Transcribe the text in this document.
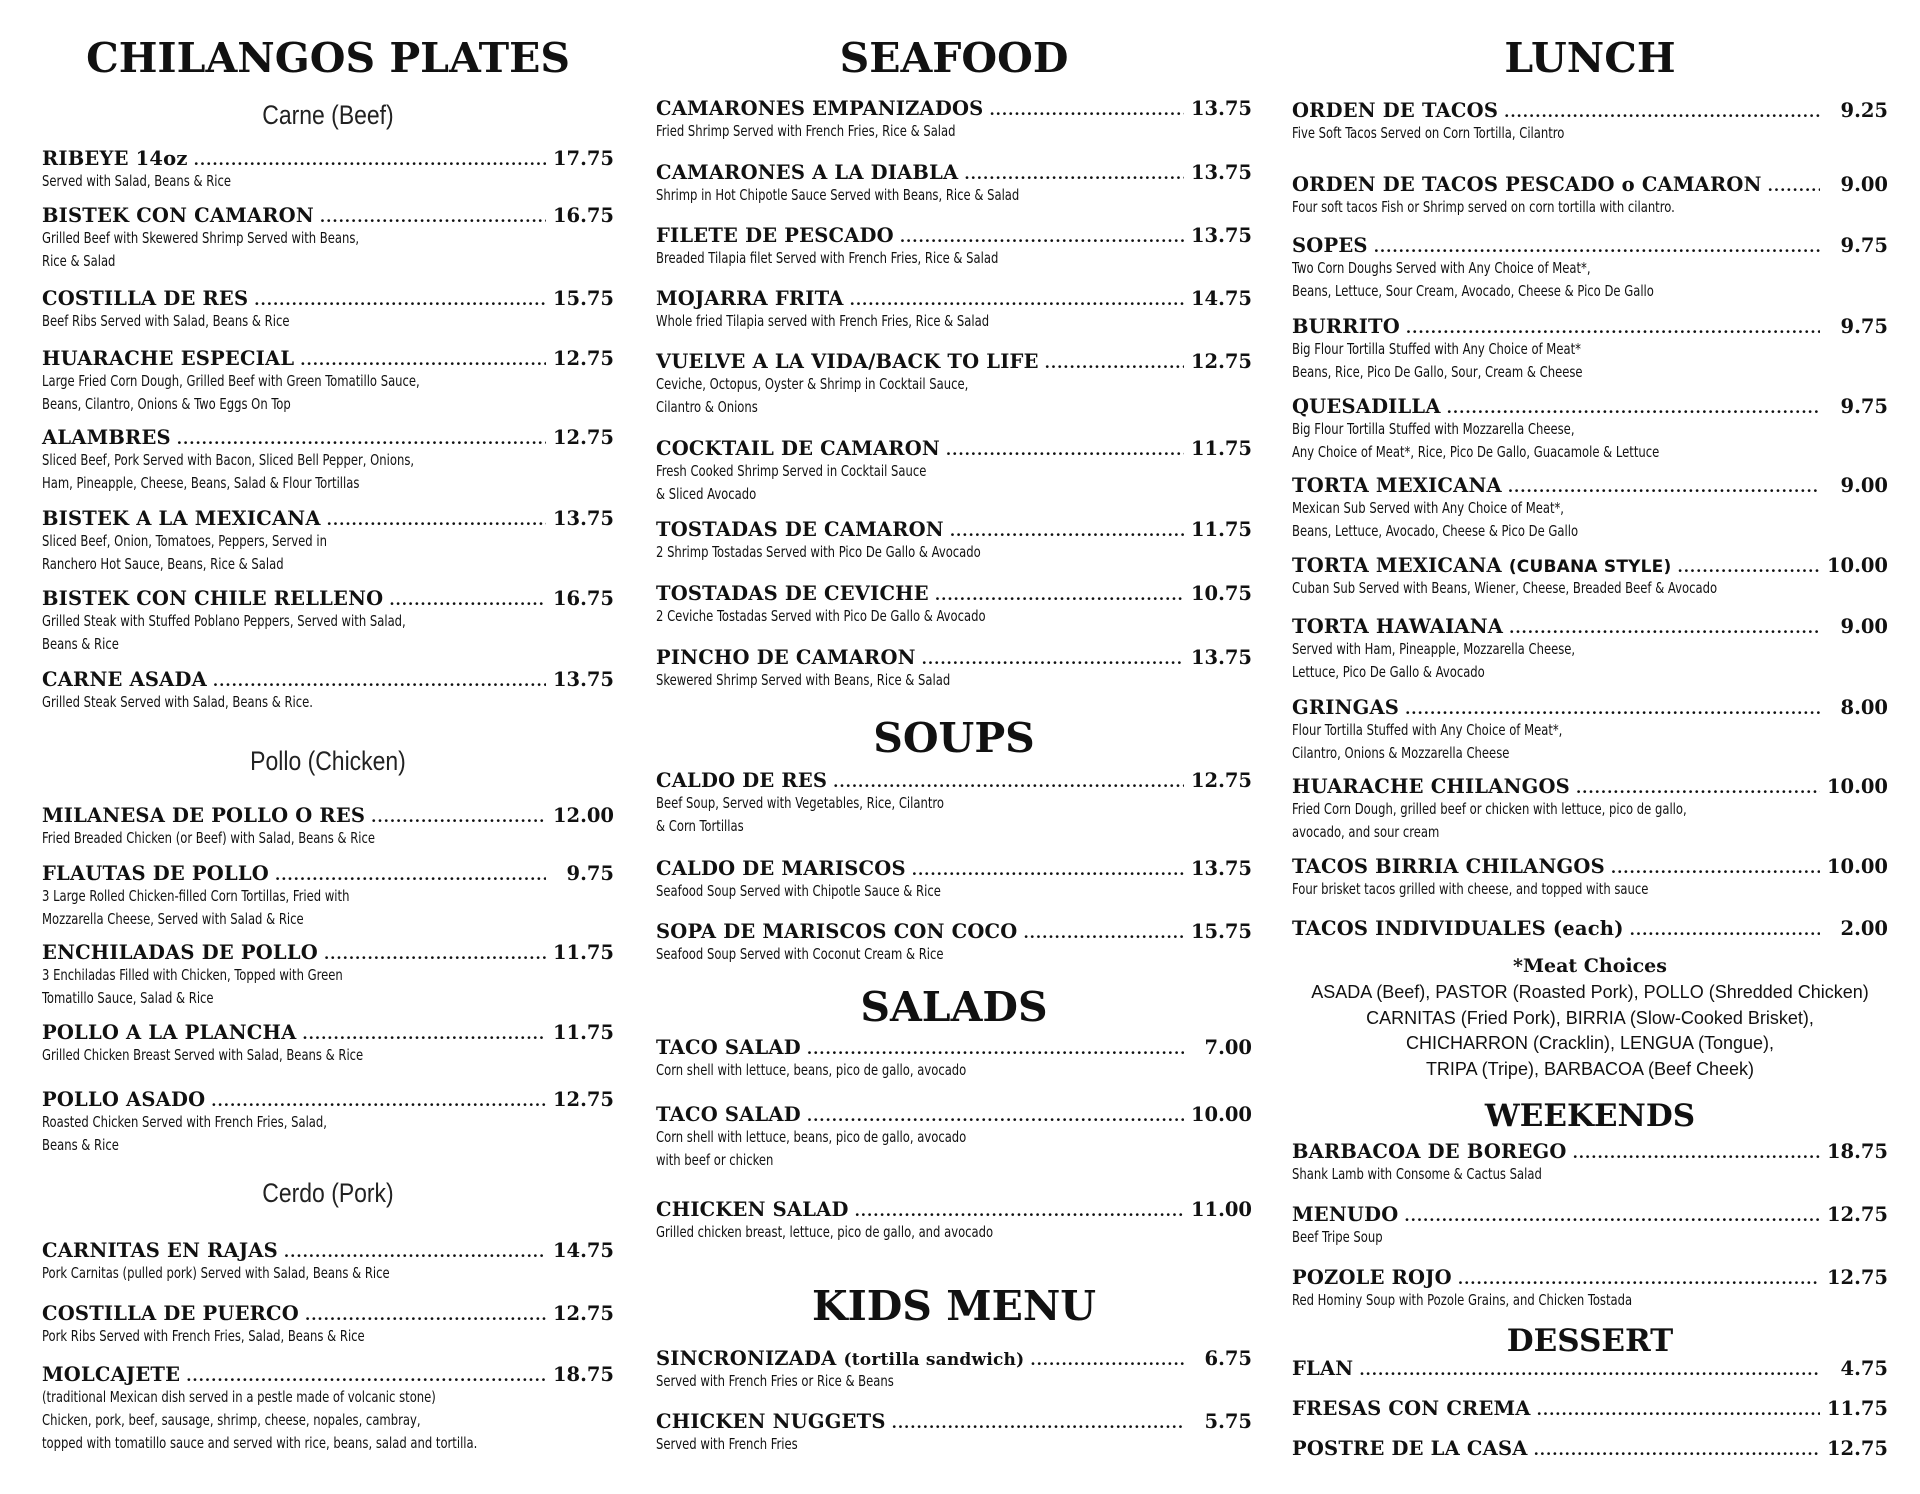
CHILANGOS PLATES
Carne (Beef)
Pollo (Chicken)
Cerdo (Pork)
RIBEYE 14oz .....	17.75
Served with Salad, Beans & Rice
BISTEK CON CAMARON .....	16.75
Grilled Beef with Skewered Shrimp Served with Beans,
Rice & Salad
COSTILLA DE RES .....	15.75
Beef Ribs Served with Salad, Beans & Rice
HUARACHE ESPECIAL .....	12.75
Large Fried Corn Dough, Grilled Beef with Green Tomatillo Sauce,
Beans, Cilantro, Onions & Two Eggs On Top
ALAMBRES .....	12.75
Sliced Beef, Pork Served with Bacon, Sliced Bell Pepper, Onions,
Ham, Pineapple, Cheese, Beans, Salad & Flour Tortillas
BISTEK A LA MEXICANA .....	13.75
Sliced Beef, Onion, Tomatoes, Peppers, Served in
Ranchero Hot Sauce, Beans, Rice & Salad
BISTEK CON CHILE RELLENO .....	16.75
Grilled Steak with Stuffed Poblano Peppers, Served with Salad,
Beans & Rice
CARNE ASADA .....	13.75
Grilled Steak Served with Salad, Beans & Rice.
MILANESA DE POLLO O RES .....	12.00
Fried Breaded Chicken (or Beef) with Salad, Beans & Rice
FLAUTAS DE POLLO .....	9.75
3 Large Rolled Chicken-filled Corn Tortillas, Fried with
Mozzarella Cheese, Served with Salad & Rice
ENCHILADAS DE POLLO .....	11.75
3 Enchiladas Filled with Chicken, Topped with Green
Tomatillo Sauce, Salad & Rice
POLLO A LA PLANCHA .....	11.75
Grilled Chicken Breast Served with Salad, Beans & Rice
POLLO ASADO .....	12.75
Roasted Chicken Served with French Fries, Salad,
Beans & Rice
CARNITAS EN RAJAS .....	14.75
Pork Carnitas (pulled pork) Served with Salad, Beans & Rice
COSTILLA DE PUERCO .....	12.75
Pork Ribs Served with French Fries, Salad, Beans & Rice
MOLCAJETE .....	18.75
(traditional Mexican dish served in a pestle made of volcanic stone)
Chicken, pork, beef, sausage, shrimp, cheese, nopales, cambray,
topped with tomatillo sauce and served with rice, beans, salad and tortilla.
SEAFOOD
CAMARONES EMPANIZADOS .....	13.75
Fried Shrimp Served with French Fries, Rice & Salad
CAMARONES A LA DIABLA .....	13.75
Shrimp in Hot Chipotle Sauce Served with Beans, Rice & Salad
FILETE DE PESCADO .....	13.75
Breaded Tilapia filet Served with French Fries, Rice & Salad
MOJARRA FRITA .....	14.75
Whole fried Tilapia served with French Fries, Rice & Salad
VUELVE A LA VIDA/BACK TO LIFE .....	12.75
Ceviche, Octopus, Oyster & Shrimp in Cocktail Sauce,
Cilantro & Onions
COCKTAIL DE CAMARON .....	11.75
Fresh Cooked Shrimp Served in Cocktail Sauce
& Sliced Avocado
TOSTADAS DE CAMARON .....	11.75
2 Shrimp Tostadas Served with Pico De Gallo & Avocado
TOSTADAS DE CEVICHE .....	10.75
2 Ceviche Tostadas Served with Pico De Gallo & Avocado
PINCHO DE CAMARON .....	13.75
Skewered Shrimp Served with Beans, Rice & Salad
SOUPS
CALDO DE RES .....	12.75
Beef Soup, Served with Vegetables, Rice, Cilantro
& Corn Tortillas
CALDO DE MARISCOS .....	13.75
Seafood Soup Served with Chipotle Sauce & Rice
SOPA DE MARISCOS CON COCO .....	15.75
Seafood Soup Served with Coconut Cream & Rice
SALADS
TACO SALAD .....	7.00
Corn shell with lettuce, beans, pico de gallo, avocado
TACO SALAD .....	10.00
Corn shell with lettuce, beans, pico de gallo, avocado
with beef or chicken
CHICKEN SALAD .....	11.00
Grilled chicken breast, lettuce, pico de gallo, and avocado
KIDS MENU
SINCRONIZADA (tortilla sandwich) .....	6.75
Served with French Fries or Rice & Beans
CHICKEN NUGGETS .....	5.75
Served with French Fries
LUNCH
ORDEN DE TACOS .....	9.25
Five Soft Tacos Served on Corn Tortilla, Cilantro
ORDEN DE TACOS PESCADO o CAMARON .....	9.00
Four soft tacos Fish or Shrimp served on corn tortilla with cilantro.
SOPES .....	9.75
Two Corn Doughs Served with Any Choice of Meat*,
Beans, Lettuce, Sour Cream, Avocado, Cheese & Pico De Gallo
BURRITO .....	9.75
Big Flour Tortilla Stuffed with Any Choice of Meat*
Beans, Rice, Pico De Gallo, Sour, Cream & Cheese
QUESADILLA .....	9.75
Big Flour Tortilla Stuffed with Mozzarella Cheese,
Any Choice of Meat*, Rice, Pico De Gallo, Guacamole & Lettuce
TORTA MEXICANA .....	9.00
Mexican Sub Served with Any Choice of Meat*,
Beans, Lettuce, Avocado, Cheese & Pico De Gallo
TORTA MEXICANA (CUBANA STYLE) .....	10.00
Cuban Sub Served with Beans, Wiener, Cheese, Breaded Beef & Avocado
TORTA HAWAIANA .....	9.00
Served with Ham, Pineapple, Mozzarella Cheese,
Lettuce, Pico De Gallo & Avocado
GRINGAS .....	8.00
Flour Tortilla Stuffed with Any Choice of Meat*,
Cilantro, Onions & Mozzarella Cheese
HUARACHE CHILANGOS .....	10.00
Fried Corn Dough, grilled beef or chicken with lettuce, pico de gallo,
avocado, and sour cream
TACOS BIRRIA CHILANGOS .....	10.00
Four brisket tacos grilled with cheese, and topped with sauce
TACOS INDIVIDUALES (each) .....	2.00
*Meat Choices
ASADA (Beef), PASTOR (Roasted Pork), POLLO (Shredded Chicken)
CARNITAS (Fried Pork), BIRRIA (Slow-Cooked Brisket),
CHICHARRON (Cracklin), LENGUA (Tongue),
TRIPA (Tripe), BARBACOA (Beef Cheek)
WEEKENDS
BARBACOA DE BOREGO .....	18.75
Shank Lamb with Consome & Cactus Salad
MENUDO .....	12.75
Beef Tripe Soup
POZOLE ROJO .....	12.75
Red Hominy Soup with Pozole Grains, and Chicken Tostada
DESSERT
FLAN .....	4.75
FRESAS CON CREMA .....	11.75
POSTRE DE LA CASA .....	12.75
